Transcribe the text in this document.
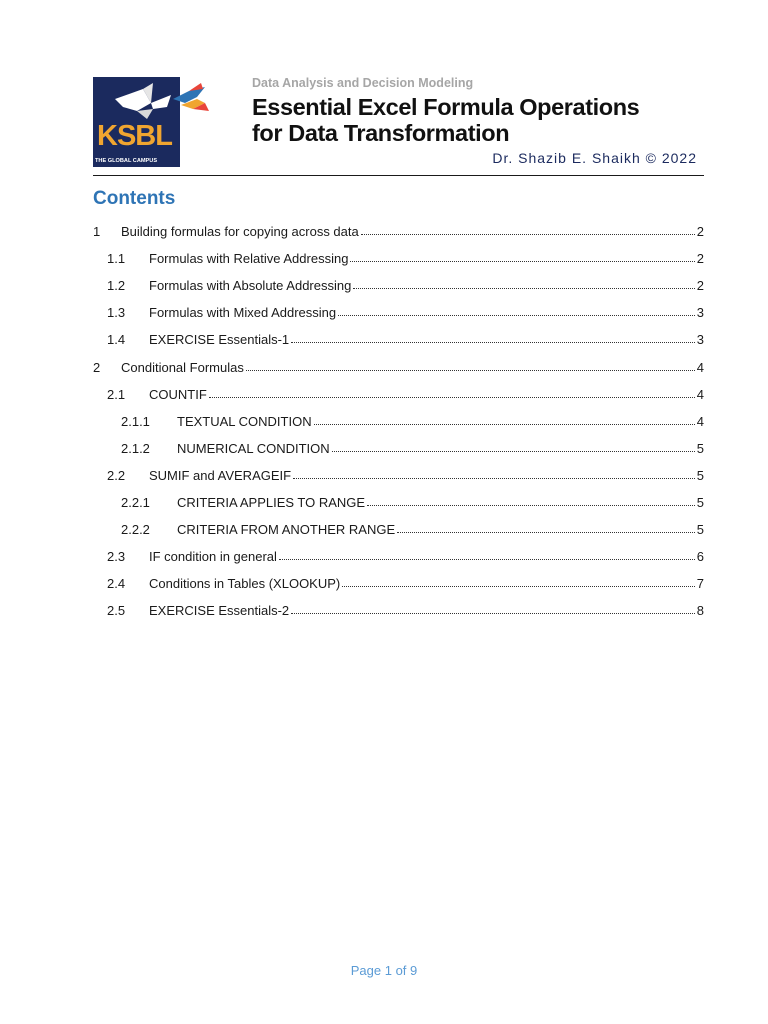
KSBL
THE GLOBAL CAMPUS
Data Analysis and Decision Modeling
Essential Excel Formula Operations
for Data Transformation
Dr. Shazib E. Shaikh © 2022
Contents
1	Building formulas for copying across data	2
1.1	Formulas with Relative Addressing	2
1.2	Formulas with Absolute Addressing	2
1.3	Formulas with Mixed Addressing	3
1.4	EXERCISE Essentials-1	3
2	Conditional Formulas	4
2.1	COUNTIF	4
2.1.1	TEXTUAL CONDITION	4
2.1.2	NUMERICAL CONDITION	5
2.2	SUMIF and AVERAGEIF	5
2.2.1	CRITERIA APPLIES TO RANGE	5
2.2.2	CRITERIA FROM ANOTHER RANGE	5
2.3	IF condition in general	6
2.4	Conditions in Tables (XLOOKUP)	7
2.5	EXERCISE Essentials-2	8
Page 1 of 9
